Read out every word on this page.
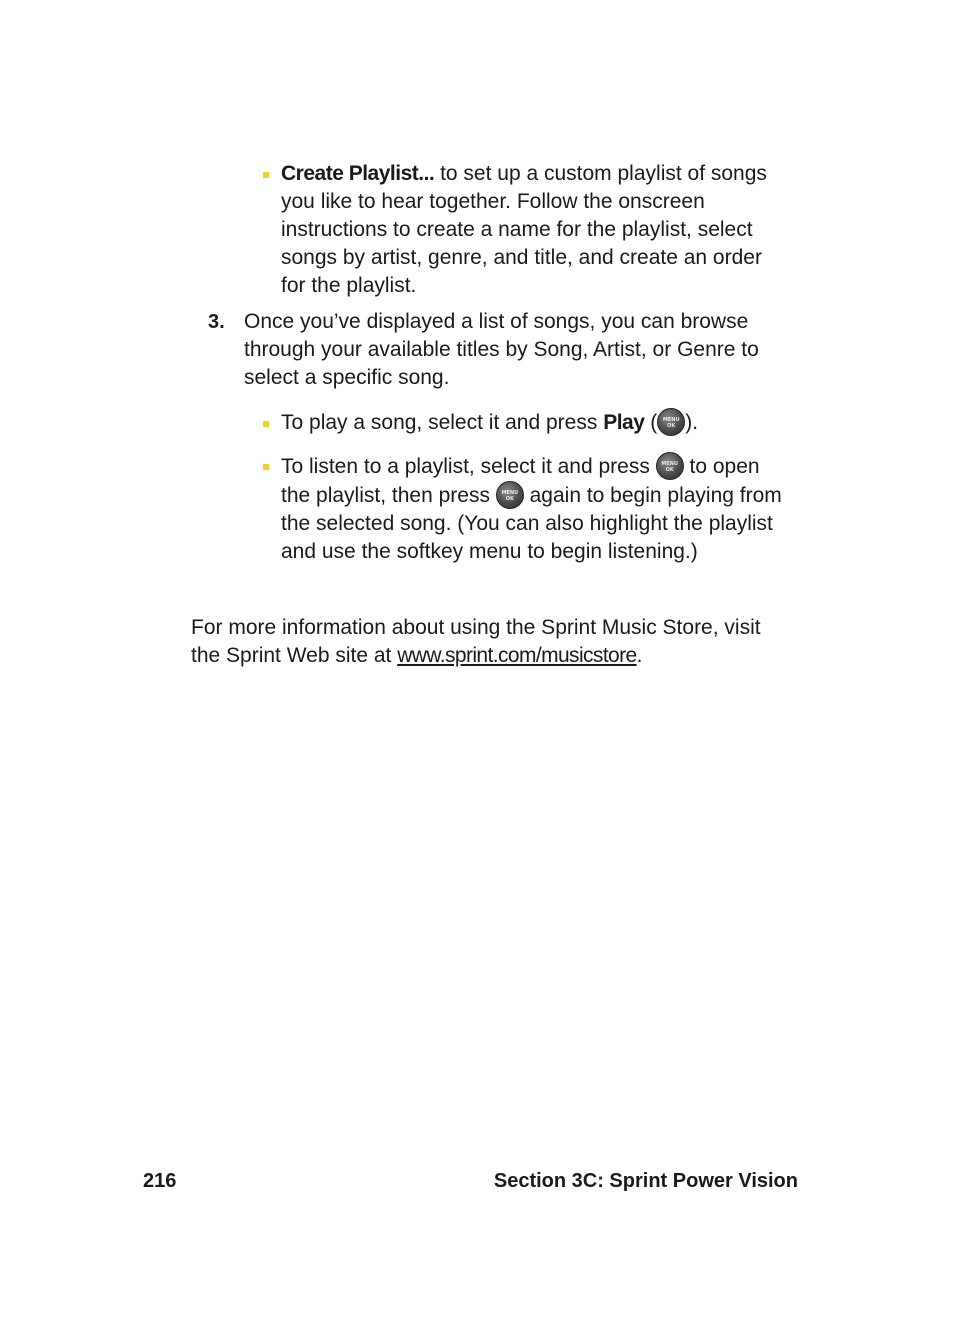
Create Playlist... to set up a custom playlist of songs you like to hear together. Follow the onscreen instructions to create a name for the playlist, select songs by artist, genre, and title, and create an order for the playlist.

3. Once you’ve displayed a list of songs, you can browse through your available titles by Song, Artist, or Genre to select a specific song.

To play a song, select it and press Play (	MENU
OK ).

To listen to a playlist, select it and press	MENU
OK to open the playlist, then press	MENU
OK again to begin playing from the selected song. (You can also highlight the playlist and use the softkey menu to begin listening.)

For more information about using the Sprint Music Store, visit the Sprint Web site at www.sprint.com/musicstore.

216	Section 3C: Sprint Power Vision
